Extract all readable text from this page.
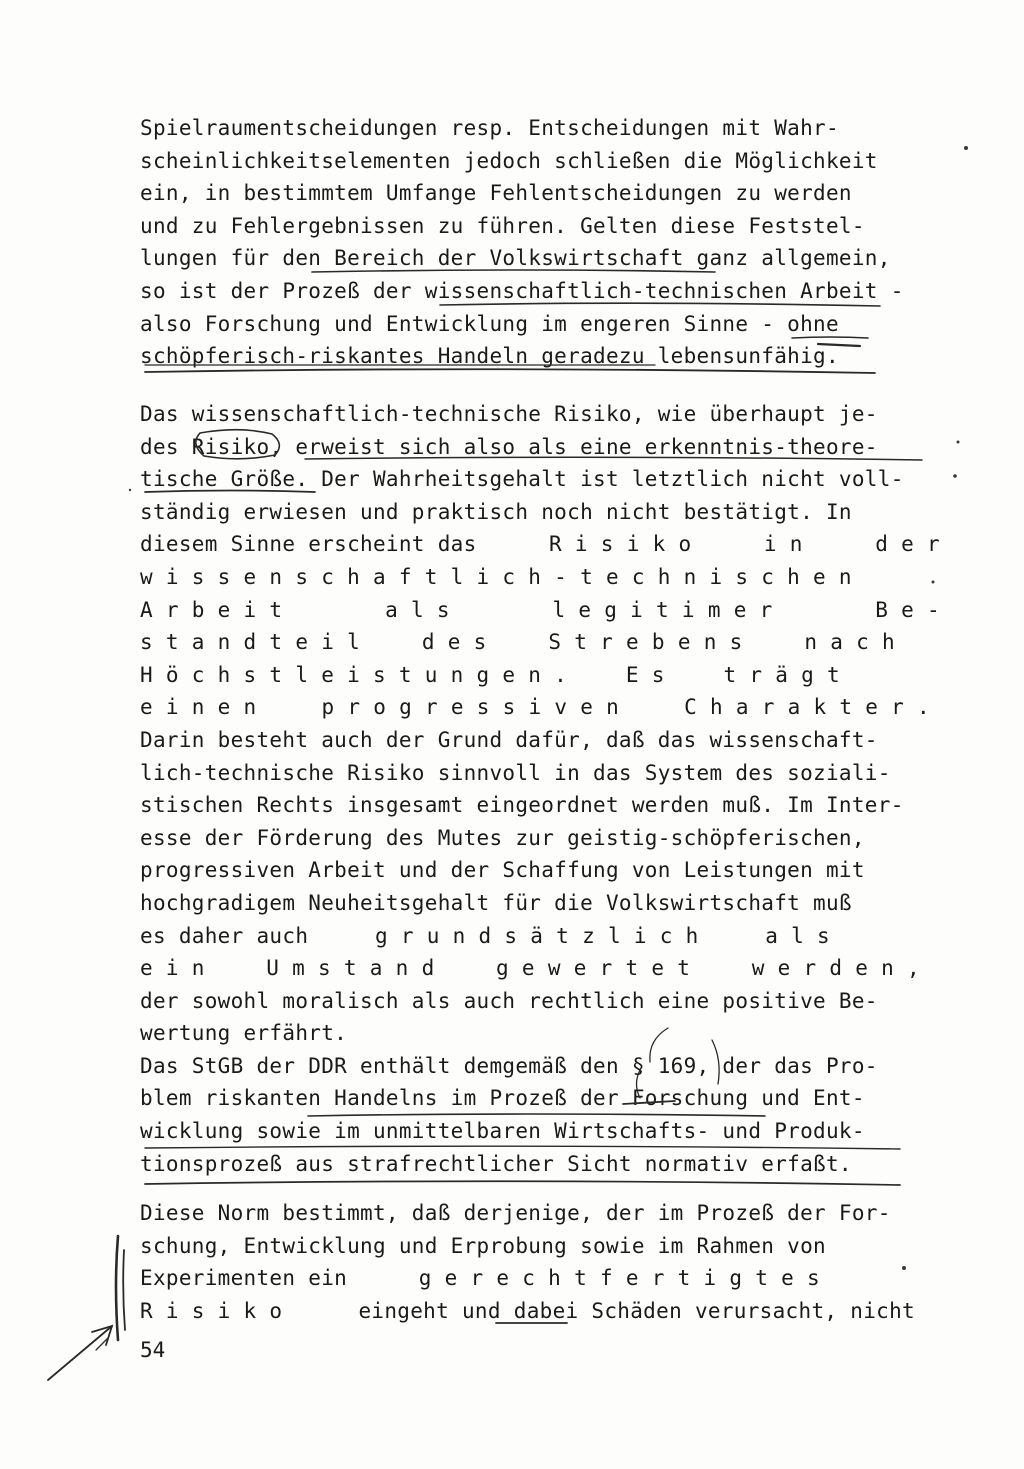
Spielraumentscheidungen resp. Entscheidungen mit Wahr-
scheinlichkeitselementen jedoch schließen die Möglichkeit
ein, in bestimmtem Umfange Fehlentscheidungen zu werden
und zu Fehlergebnissen zu führen. Gelten diese Feststel-
lungen für den Bereich der Volkswirtschaft ganz allgemein,
so ist der Prozeß der wissenschaftlich-technischen Arbeit -
also Forschung und Entwicklung im engeren Sinne - ohne
schöpferisch-riskantes Handeln geradezu lebensunfähig.
Das wissenschaftlich-technische Risiko, wie überhaupt je-
des Risiko, erweist sich also als eine erkenntnis-theore-
tische Größe. Der Wahrheitsgehalt ist letztlich nicht voll-
ständig erwiesen und praktisch noch nicht bestätigt. In
diesem Sinne erscheint das	R i s i k o	i n	d e r
w i s s e n s c h a f t l i c h - t e c h n i s c h e n
A r b e i t	a l s	l e g i t i m e r	B e -
s t a n d t e i l	d e s	S t r e b e n s	n a c h
H ö c h s t l e i s t u n g e n .	E s	t r ä g t
e i n e n	p r o g r e s s i v e n	C h a r a k t e r .
Darin besteht auch der Grund dafür, daß das wissenschaft-
lich-technische Risiko sinnvoll in das System des soziali-
stischen Rechts insgesamt eingeordnet werden muß. Im Inter-
esse der Förderung des Mutes zur geistig-schöpferischen,
progressiven Arbeit und der Schaffung von Leistungen mit
hochgradigem Neuheitsgehalt für die Volkswirtschaft muß
es daher auch	g r u n d s ä t z l i c h	a l s
e i n	U m s t a n d	g e w e r t e t	w e r d e n ,
der sowohl moralisch als auch rechtlich eine positive Be-
wertung erfährt.
Das StGB der DDR enthält demgemäß den § 169, der das Pro-
blem riskanten Handelns im Prozeß der Forschung und Ent-
wicklung sowie im unmittelbaren Wirtschafts- und Produk-
tionsprozeß aus strafrechtlicher Sicht normativ erfaßt.
Diese Norm bestimmt, daß derjenige, der im Prozeß der For-
schung, Entwicklung und Erprobung sowie im Rahmen von
Experimenten ein	g e r e c h t f e r t i g t e s
R i s i k o	eingeht und dabei Schäden verursacht, nicht
54
